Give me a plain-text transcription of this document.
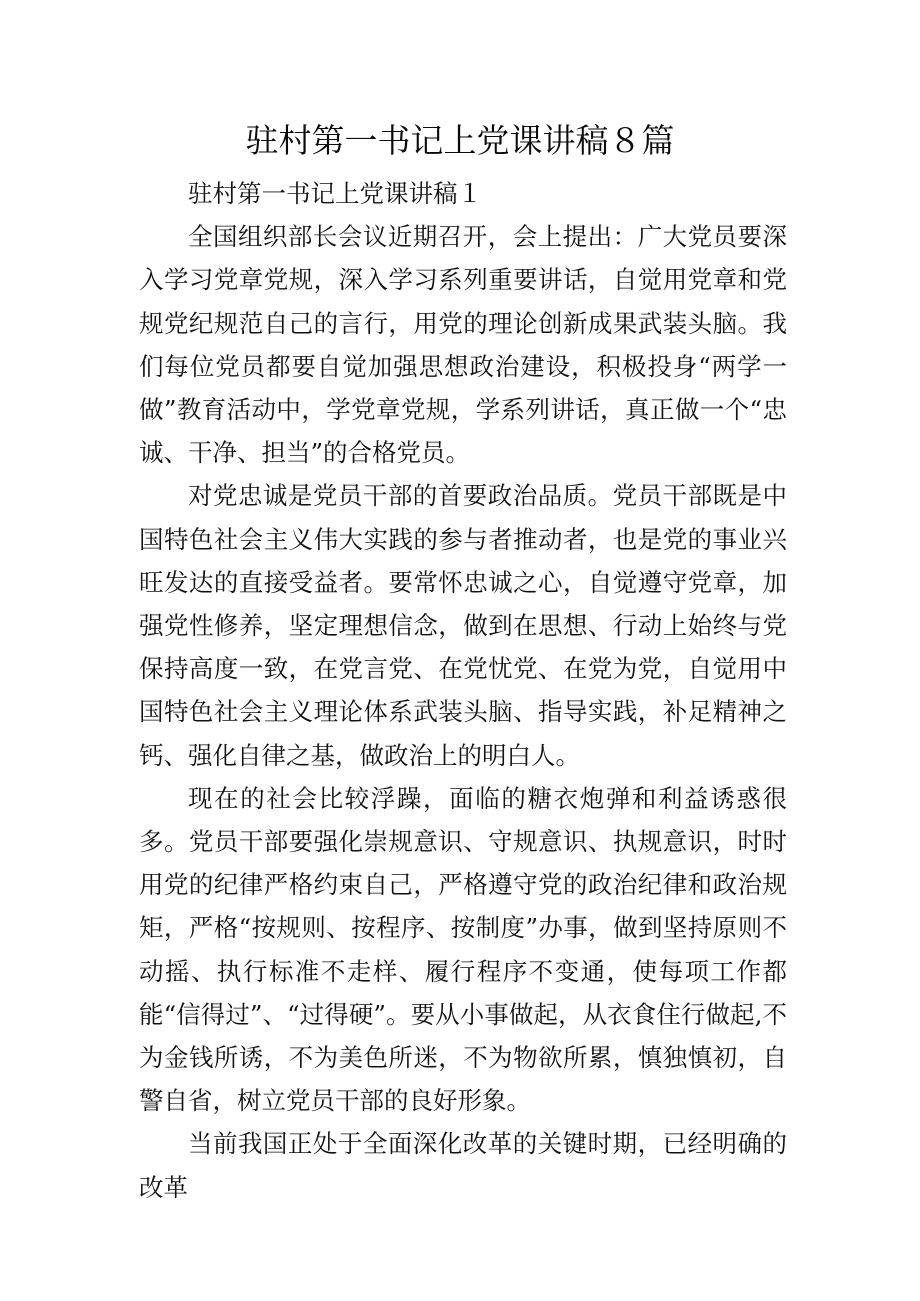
驻村第一书记上党课讲稿８篇

驻村第一书记上党课讲稿１

全国组织部长会议近期召开，会上提出：广大党员要深入学习党章党规，深入学习系列重要讲话，自觉用党章和党规党纪规范自己的言行，用党的理论创新成果武装头脑。我们每位党员都要自觉加强思想政治建设，积极投身“两学一做”教育活动中，学党章党规，学系列讲话，真正做一个“忠诚、干净、担当”的合格党员。

对党忠诚是党员干部的首要政治品质。党员干部既是中国特色社会主义伟大实践的参与者推动者，也是党的事业兴旺发达的直接受益者。要常怀忠诚之心，自觉遵守党章，加强党性修养，坚定理想信念，做到在思想、行动上始终与党保持高度一致，在党言党、在党忧党、在党为党，自觉用中国特色社会主义理论体系武装头脑、指导实践，补足精神之钙、强化自律之基，做政治上的明白人。

现在的社会比较浮躁，面临的糖衣炮弹和利益诱惑很多。党员干部要强化崇规意识、守规意识、执规意识，时时用党的纪律严格约束自己，严格遵守党的政治纪律和政治规矩，严格“按规则、按程序、按制度”办事，做到坚持原则不动摇、执行标准不走样、履行程序不变通，使每项工作都能“信得过”、“过得硬”。要从小事做起，从衣食住行做起,不为金钱所诱，不为美色所迷，不为物欲所累，慎独慎初，自警自省，树立党员干部的良好形象。

当前我国正处于全面深化改革的关键时期，已经明确的改革
